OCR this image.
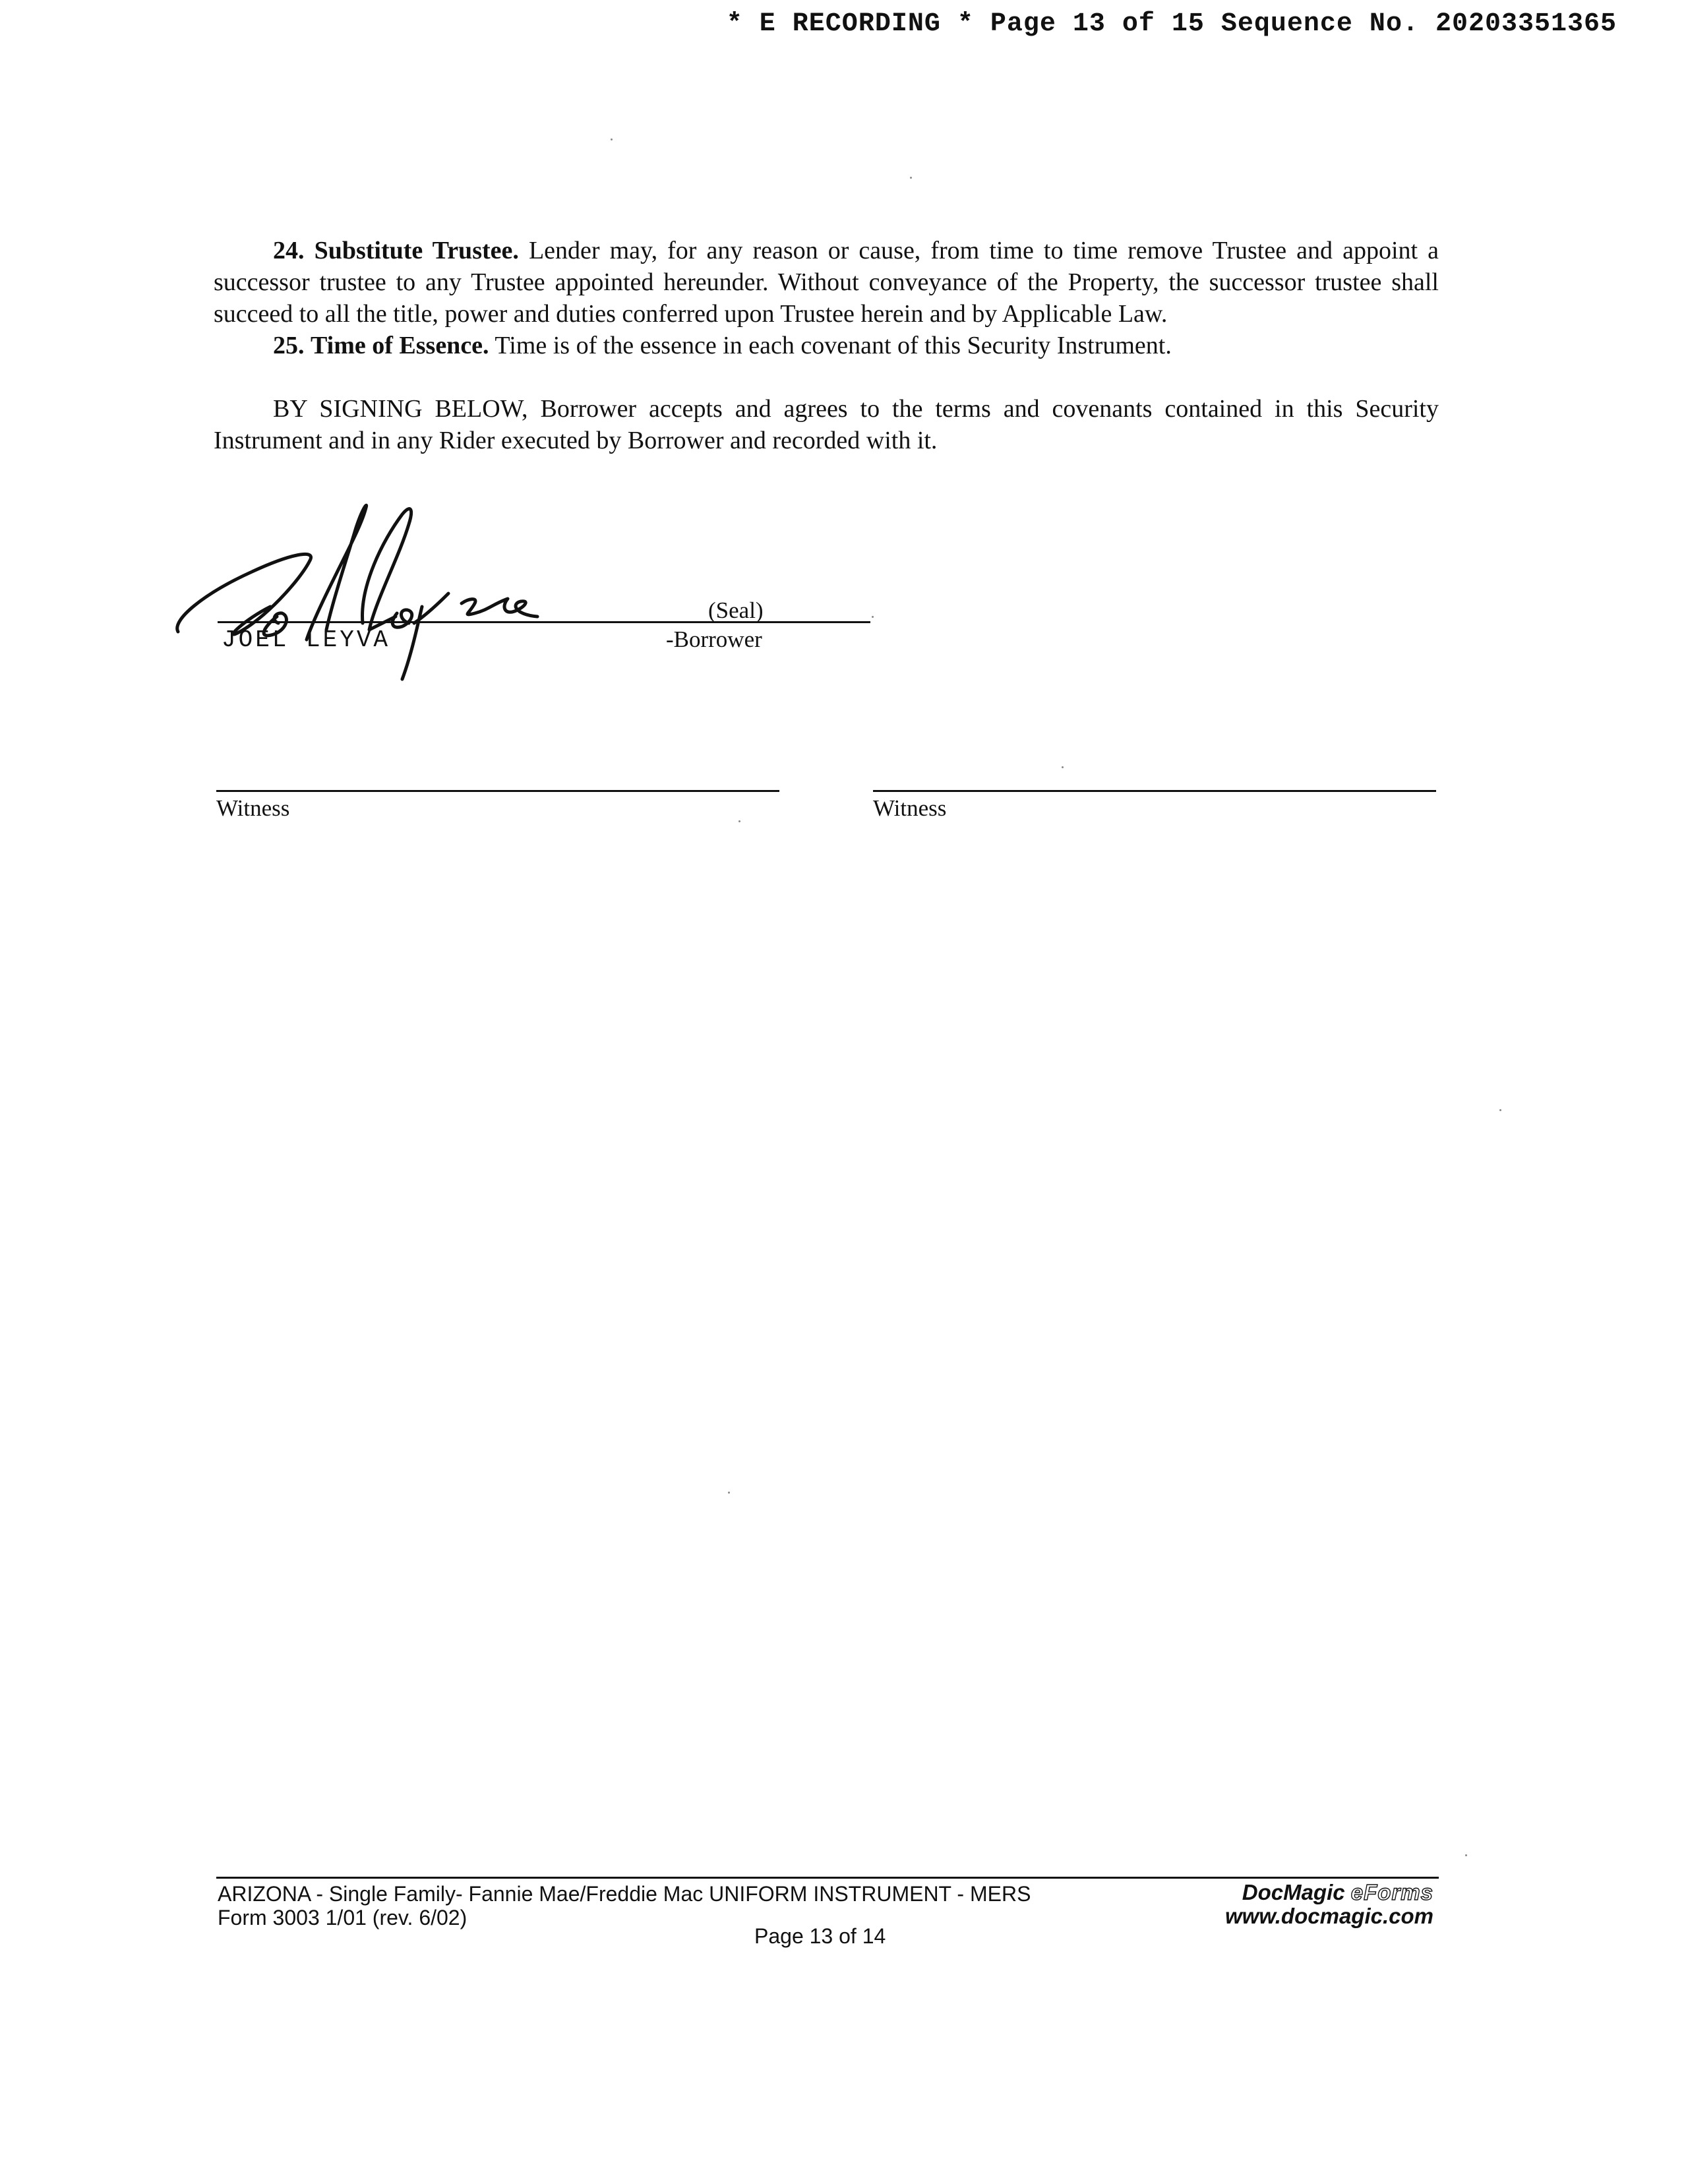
* E RECORDING * Page 13 of 15 Sequence No. 20203351365

24. Substitute Trustee. Lender may, for any reason or cause, from time to time remove Trustee and appoint a successor trustee to any Trustee appointed hereunder. Without conveyance of the Property, the successor trustee shall succeed to all the title, power and duties conferred upon Trustee herein and by Applicable Law.

25. Time of Essence. Time is of the essence in each covenant of this Security Instrument.

BY SIGNING BELOW, Borrower accepts and agrees to the terms and covenants contained in this Security Instrument and in any Rider executed by Borrower and recorded with it.

(Seal)
JOEL LEYVA	-Borrower
Witness	Witness
ARIZONA - Single Family- Fannie Mae/Freddie Mac UNIFORM INSTRUMENT - MERS
Form 3003 1/01 (rev. 6/02)
Page 13 of 14
DocMagic eForms
www.docmagic.com
